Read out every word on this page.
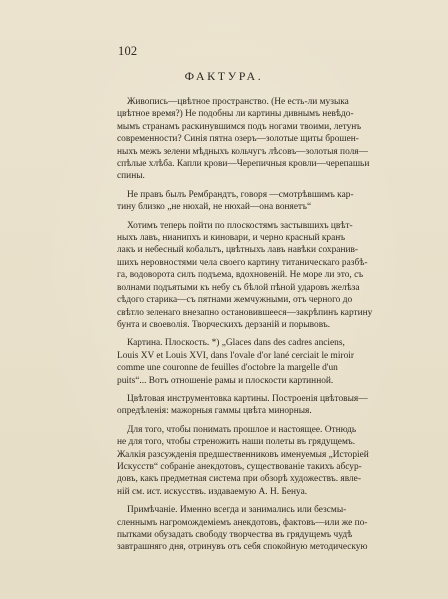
102
ФАКТУРА.
Живопись—цвѣтное пространство. (Не есть-ли музыка
цвѣтное время?) Не подобны ли картины дивнымъ невѣдо-
мымъ странамъ раскинувшимся подъ ногами твоими, летунъ
современности? Синія пятна озеръ—золотые щиты брошен-
ныхъ межъ зелени мѣдныхъ кольчугъ лѣсовъ—золотыя поля—
спѣлые хлѣба. Капли крови—Черепичныя кровли—черепашьи
спины.
Не правъ былъ Рембрандтъ, говоря —смотрѣвшимъ кар-
тину близко „не нюхай, не нюхай—она воняетъ“
Хотимъ теперь пойти по плоскостямъ застывшихъ цвѣт-
ныхъ лавъ, нианипхъ и киновари, и черно красный кранъ
лакъ и небесный кобальтъ, цвѣтныхъ лавъ навѣки сохранив-
шихъ неровностями чела своего картину титаническаго разбѣ-
га, водоворота силъ подъема, вдохновеній. Не море ли это, съ
волнами подъятыми къ небу съ бѣлой пѣной ударовъ желѣза
сѣдого старика—съ пятнами жемчужными, отъ черного до
свѣтло зеленаго внезапно остановившееся—закрѣпинъ картину
бунта и своеволія. Творческихъ дерзаній и порывовъ.
Картина. Плоскость. *) „Glaces dans des cadres anciens,
Louis XV et Louis XVI, dans l'ovale d'or lané cerciait le miroir
comme une couronne de feuilles d'octobre la margelle d'un
puits“... Вотъ отношеніе рамы и плоскости картинной.
Цвѣтовая инструментовка картины. Построенія цвѣтовыя—
опредѣленія: мажорныя гаммы цвѣта минорныя.
Для того, чтобы понимать прошлое и настоящее. Отнюдь
не для того, чтобы стреножить наши полеты въ грядущемъ.
Жалкія разсужденія предшественниковъ именуемыя „Исторіей
Искусств“ собраніе анекдотовъ, существованіе такихъ абсур-
довъ, какъ предметная система при обзорѣ художествъ. явле-
ній см. ист. искусствъ. издаваемую А. Н. Бенуа.
Примѣчаніе. Именно всегда и занимались или безсмы-
сленнымъ нагромождеміемъ анекдотовъ, фактовъ—или же по-
пытками обузадать свободу творчества въ грядущемъ чудѣ
завтрашняго дня, отринувъ отъ себя спокойную методическую
